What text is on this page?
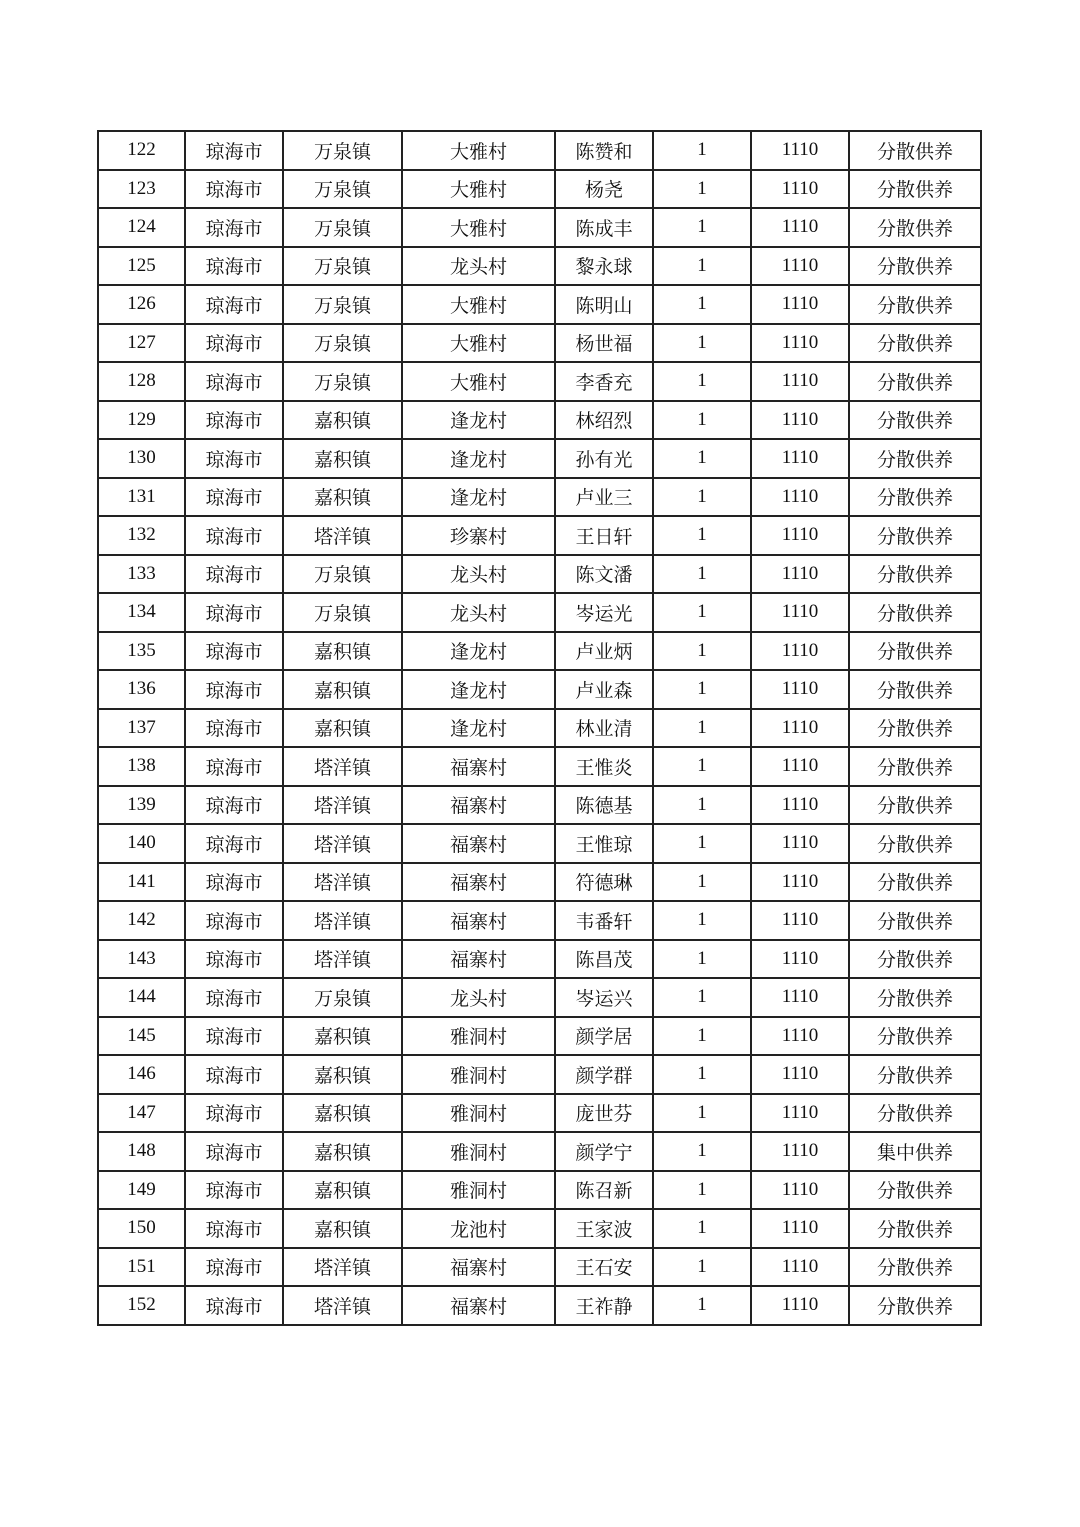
122	琼海市	万泉镇	大雅村	陈赞和	1	1110	分散供养
123	琼海市	万泉镇	大雅村	杨尧	1	1110	分散供养
124	琼海市	万泉镇	大雅村	陈成丰	1	1110	分散供养
125	琼海市	万泉镇	龙头村	黎永球	1	1110	分散供养
126	琼海市	万泉镇	大雅村	陈明山	1	1110	分散供养
127	琼海市	万泉镇	大雅村	杨世福	1	1110	分散供养
128	琼海市	万泉镇	大雅村	李香充	1	1110	分散供养
129	琼海市	嘉积镇	逢龙村	林绍烈	1	1110	分散供养
130	琼海市	嘉积镇	逢龙村	孙有光	1	1110	分散供养
131	琼海市	嘉积镇	逢龙村	卢业三	1	1110	分散供养
132	琼海市	塔洋镇	珍寨村	王日轩	1	1110	分散供养
133	琼海市	万泉镇	龙头村	陈文潘	1	1110	分散供养
134	琼海市	万泉镇	龙头村	岑运光	1	1110	分散供养
135	琼海市	嘉积镇	逢龙村	卢业炳	1	1110	分散供养
136	琼海市	嘉积镇	逢龙村	卢业森	1	1110	分散供养
137	琼海市	嘉积镇	逢龙村	林业清	1	1110	分散供养
138	琼海市	塔洋镇	福寨村	王惟炎	1	1110	分散供养
139	琼海市	塔洋镇	福寨村	陈德基	1	1110	分散供养
140	琼海市	塔洋镇	福寨村	王惟琼	1	1110	分散供养
141	琼海市	塔洋镇	福寨村	符德琳	1	1110	分散供养
142	琼海市	塔洋镇	福寨村	韦番轩	1	1110	分散供养
143	琼海市	塔洋镇	福寨村	陈昌茂	1	1110	分散供养
144	琼海市	万泉镇	龙头村	岑运兴	1	1110	分散供养
145	琼海市	嘉积镇	雅洞村	颜学居	1	1110	分散供养
146	琼海市	嘉积镇	雅洞村	颜学群	1	1110	分散供养
147	琼海市	嘉积镇	雅洞村	庞世芬	1	1110	分散供养
148	琼海市	嘉积镇	雅洞村	颜学宁	1	1110	集中供养
149	琼海市	嘉积镇	雅洞村	陈召新	1	1110	分散供养
150	琼海市	嘉积镇	龙池村	王家波	1	1110	分散供养
151	琼海市	塔洋镇	福寨村	王石安	1	1110	分散供养
152	琼海市	塔洋镇	福寨村	王祚静	1	1110	分散供养
